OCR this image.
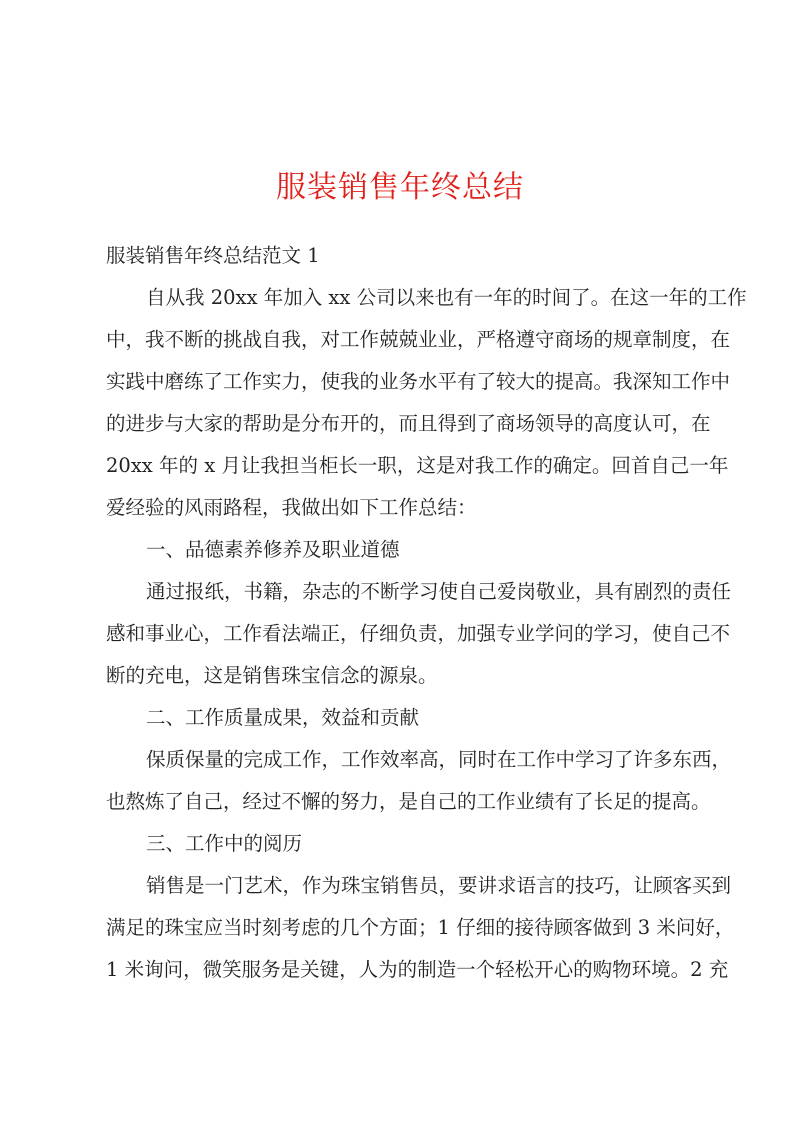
服装销售年终总结

服装销售年终总结范文 1

自从我 20xx 年加入 xx 公司以来也有一年的时间了。在这一年的工作

中，我不断的挑战自我，对工作兢兢业业，严格遵守商场的规章制度，在

实践中磨练了工作实力，使我的业务水平有了较大的提高。我深知工作中

的进步与大家的帮助是分布开的，而且得到了商场领导的高度认可，在

20xx 年的 x 月让我担当柜长一职，这是对我工作的确定。回首自己一年

爱经验的风雨路程，我做出如下工作总结：

一、品德素养修养及职业道德

通过报纸，书籍，杂志的不断学习使自己爱岗敬业，具有剧烈的责任

感和事业心，工作看法端正，仔细负责，加强专业学问的学习，使自己不

断的充电，这是销售珠宝信念的源泉。

二、工作质量成果，效益和贡献

保质保量的完成工作，工作效率高，同时在工作中学习了许多东西，

也熬炼了自己，经过不懈的努力，是自己的工作业绩有了长足的提高。

三、工作中的阅历

销售是一门艺术，作为珠宝销售员，要讲求语言的技巧，让顾客买到

满足的珠宝应当时刻考虑的几个方面；1 仔细的接待顾客做到 3 米问好，

1 米询问，微笑服务是关键，人为的制造一个轻松开心的购物环境。2 充
